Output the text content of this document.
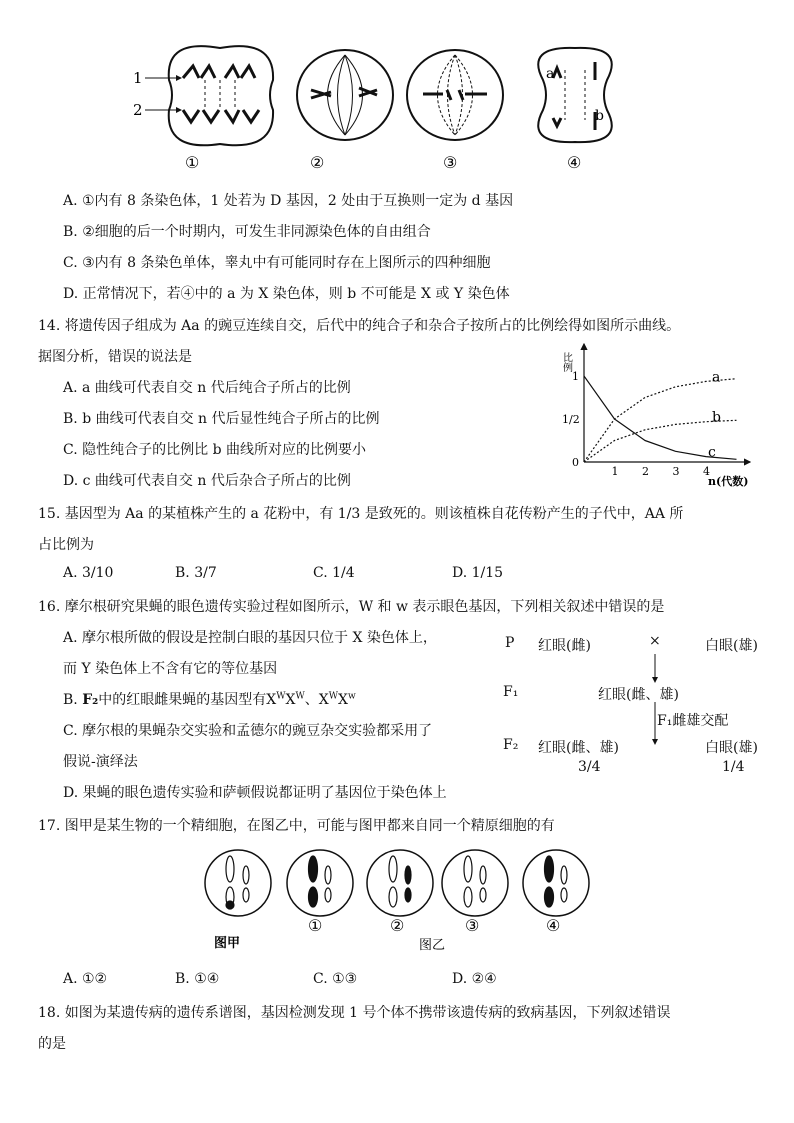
1
2
a
b
①	②	③	④
A. ①内有 8 条染色体，1 处若为 D 基因，2 处由于互换则一定为 d 基因
B. ②细胞的后一个时期内，可发生非同源染色体的自由组合
C. ③内有 8 条染色单体，睾丸中有可能同时存在上图所示的四种细胞
D. 正常情况下，若④中的 a 为 X 染色体，则 b 不可能是 X 或 Y 染色体
14. 将遗传因子组成为 Aa 的豌豆连续自交，后代中的纯合子和杂合子按所占的比例绘得如图所示曲线。
据图分析，错误的说法是
A. a 曲线可代表自交 n 代后纯合子所占的比例
B. b 曲线可代表自交 n 代后显性纯合子所占的比例
C. 隐性纯合子的比例比 b 曲线所对应的比例要小
D. c 曲线可代表自交 n 代后杂合子所占的比例
比例
n(代数)
1 2 3 4
0
1/2
1	a
b
c
15. 基因型为 Aa 的某植株产生的 a 花粉中，有 1/3 是致死的。则该植株自花传粉产生的子代中，AA 所
占比例为
A. 3/10	B. 3/7	C. 1/4	D. 1/15
16. 摩尔根研究果蝇的眼色遗传实验过程如图所示，W 和 w 表示眼色基因，下列相关叙述中错误的是
A. 摩尔根所做的假设是控制白眼的基因只位于 X 染色体上，
而 Y 染色体上不含有它的等位基因
B. F₂中的红眼雌果蝇的基因型有$X^WX^W$、$X^WX^w$
C. 摩尔根的果蝇杂交实验和孟德尔的豌豆杂交实验都采用了
假说-演绎法
D. 果蝇的眼色遗传实验和萨顿假说都证明了基因位于染色体上
P 红眼(雌)	×	白眼(雄)
F₁	红眼(雌、雄)
F₁雌雄交配
F₂ 红眼(雌、雄)	白眼(雄)
3/4	1/4
17. 图甲是某生物的一个精细胞，在图乙中，可能与图甲都来自同一个精原细胞的有
图甲
①	②	③	④
图乙
A. ①②	B. ①④	C. ①③	D. ②④
18. 如图为某遗传病的遗传系谱图，基因检测发现 1 号个体不携带该遗传病的致病基因，下列叙述错误
的是
